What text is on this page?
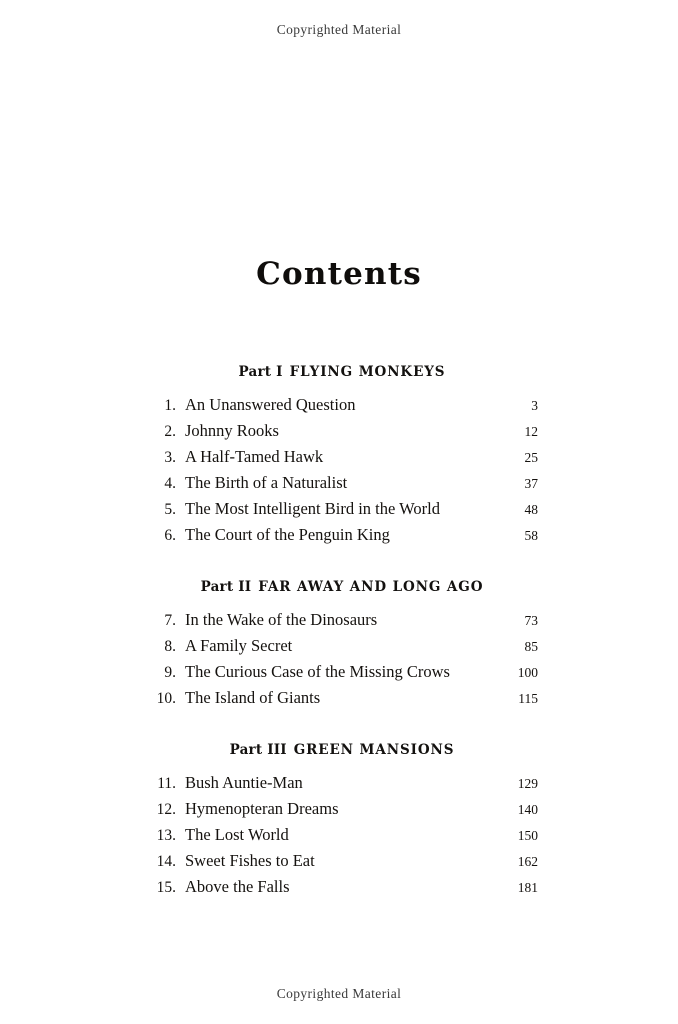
Copyrighted Material
Contents
Part I FLYING MONKEYS
1. An Unanswered Question	3
2. Johnny Rooks	12
3. A Half-Tamed Hawk	25
4. The Birth of a Naturalist	37
5. The Most Intelligent Bird in the World	48
6. The Court of the Penguin King	58
Part II FAR AWAY AND LONG AGO
7. In the Wake of the Dinosaurs	73
8. A Family Secret	85
9. The Curious Case of the Missing Crows	100
10. The Island of Giants	115
Part III GREEN MANSIONS
11. Bush Auntie-Man	129
12. Hymenopteran Dreams	140
13. The Lost World	150
14. Sweet Fishes to Eat	162
15. Above the Falls	181
Copyrighted Material
